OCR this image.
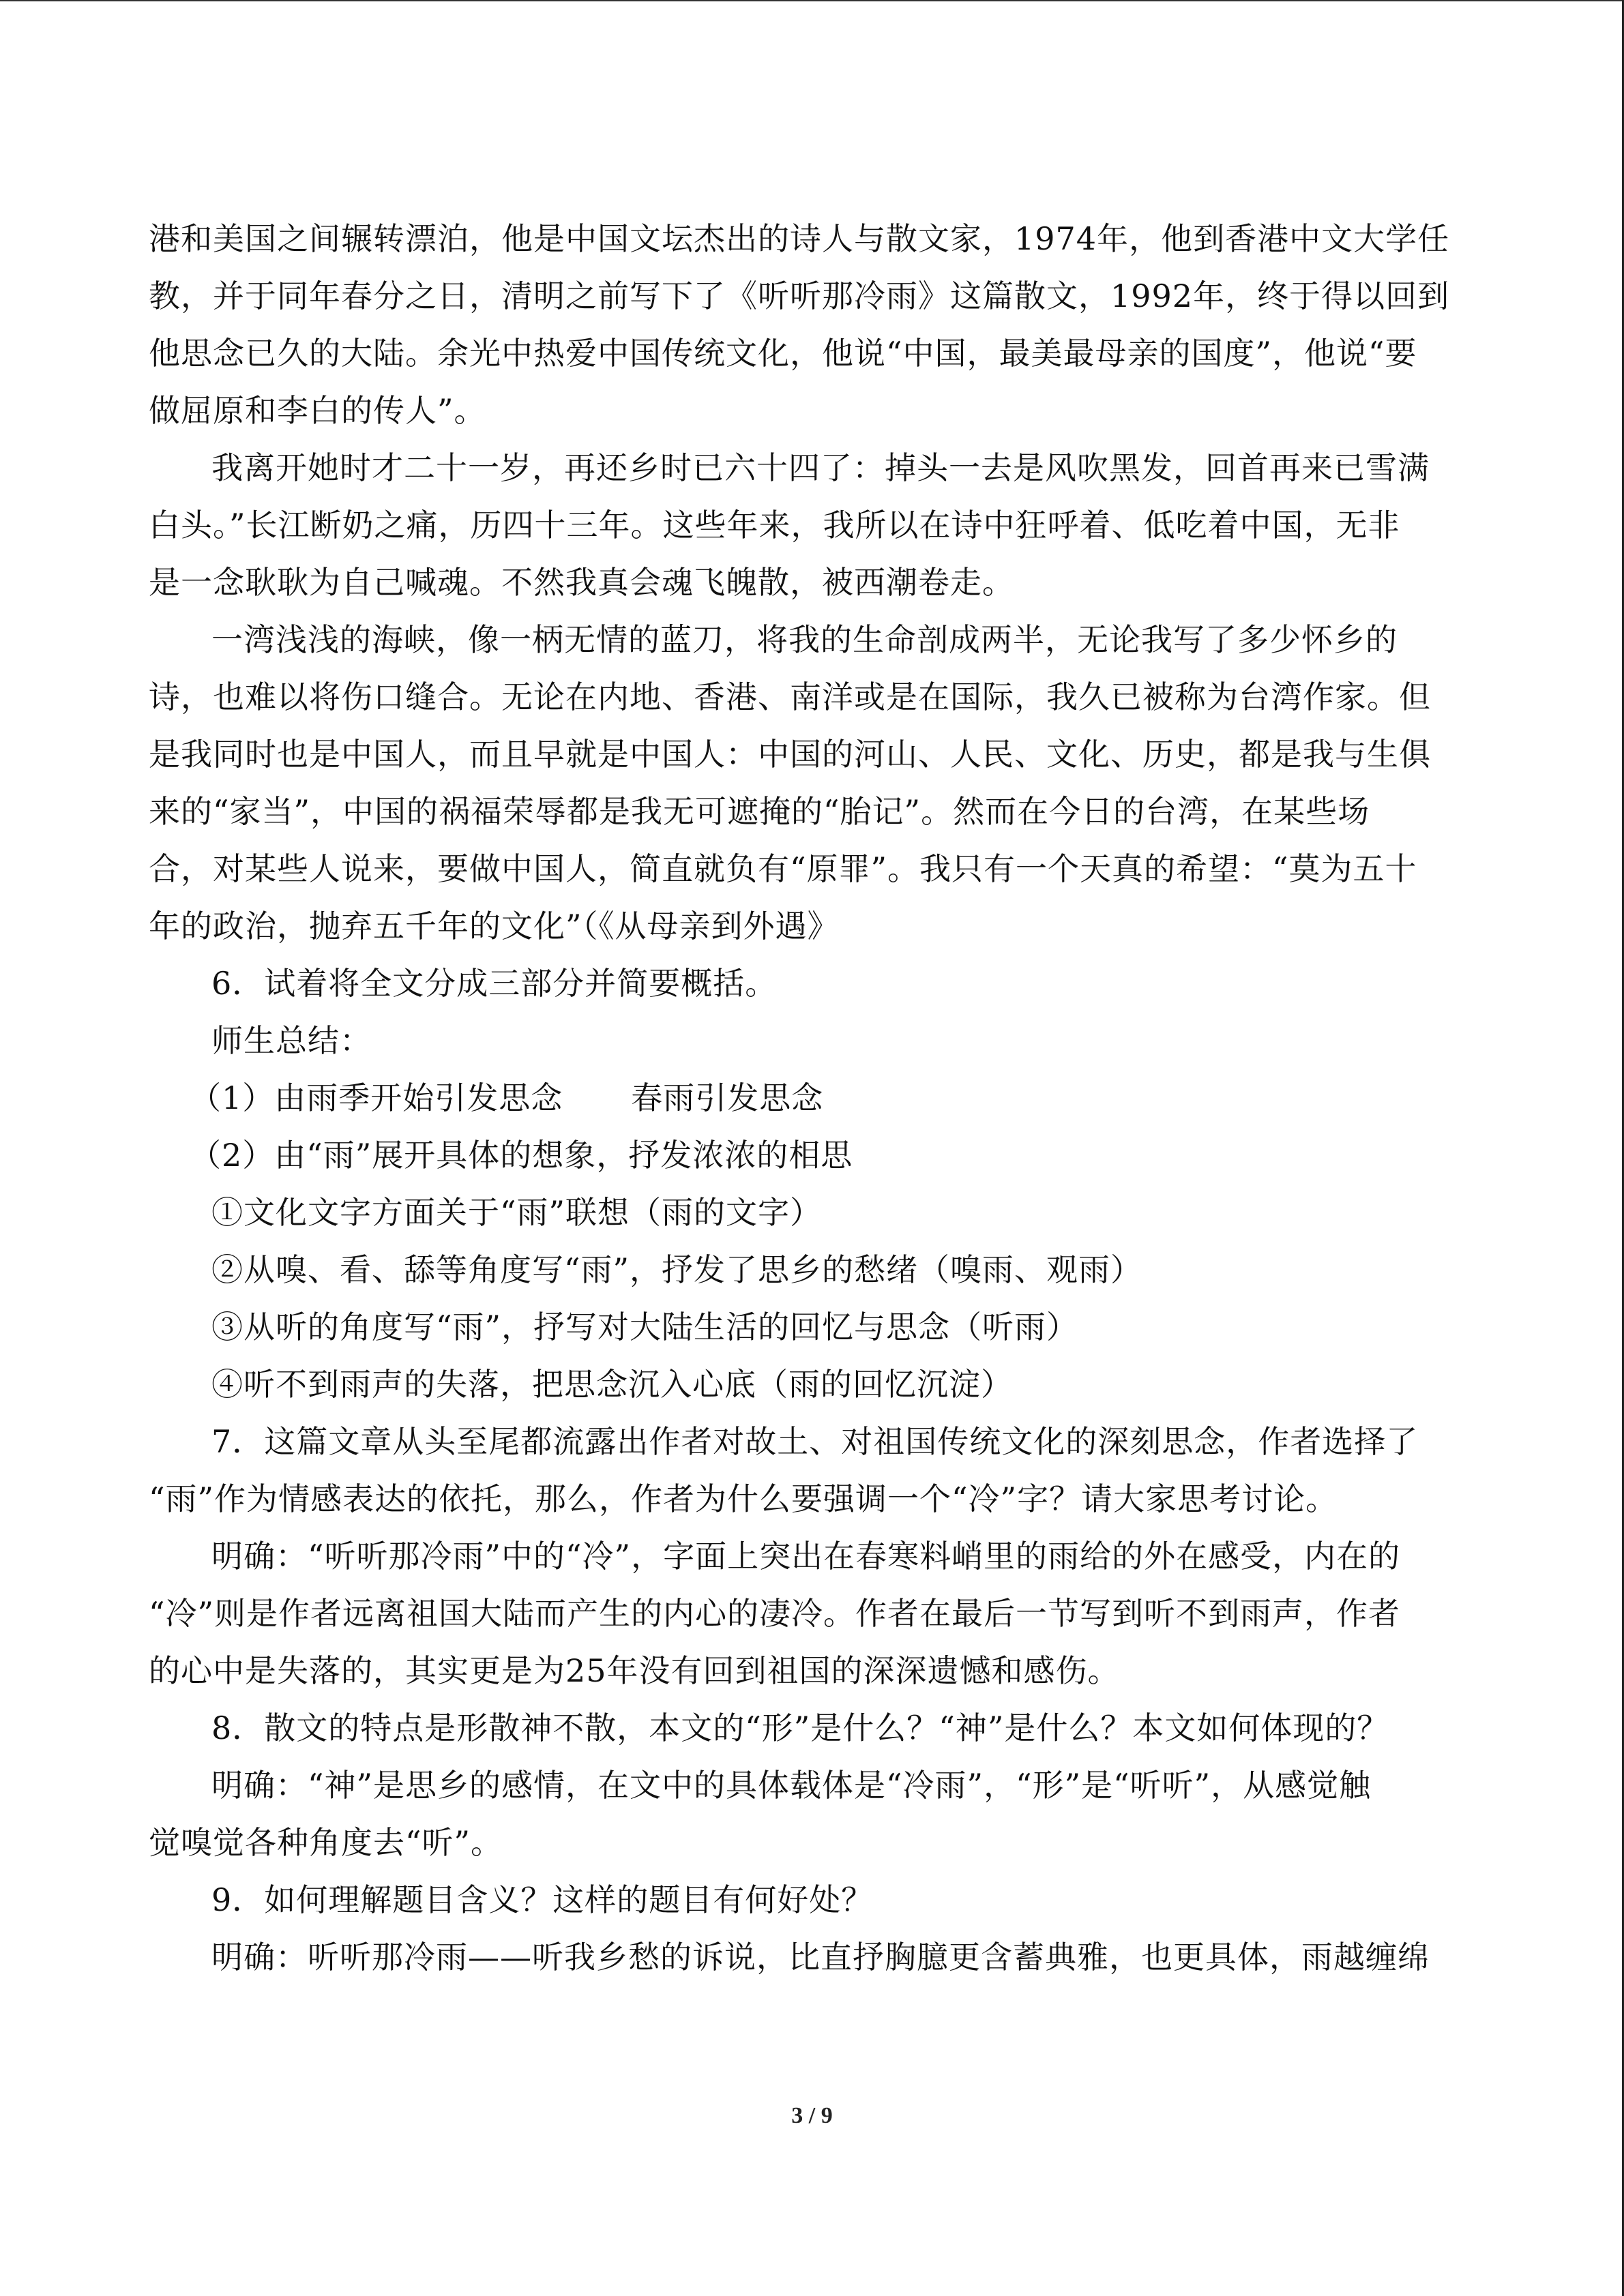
港和美国之间辗转漂泊，他是中国文坛杰出的诗人与散文家，1974年，他到香港中文大学任

教，并于同年春分之日，清明之前写下了《听听那冷雨》这篇散文，1992年，终于得以回到

他思念已久的大陆。余光中热爱中国传统文化，他说“中国，最美最母亲的国度”，他说“要

做屈原和李白的传人”。

我离开她时才二十一岁，再还乡时已六十四了：掉头一去是风吹黑发，回首再来已雪满

白头。”长江断奶之痛，历四十三年。这些年来，我所以在诗中狂呼着、低吃着中国，无非

是一念耿耿为自己喊魂。不然我真会魂飞魄散，被西潮卷走。

一湾浅浅的海峡，像一柄无情的蓝刀，将我的生命剖成两半，无论我写了多少怀乡的

诗，也难以将伤口缝合。无论在内地、香港、南洋或是在国际，我久已被称为台湾作家。但

是我同时也是中国人，而且早就是中国人：中国的河山、人民、文化、历史，都是我与生俱

来的“家当”，中国的祸福荣辱都是我无可遮掩的“胎记”。然而在今日的台湾，在某些场

合，对某些人说来，要做中国人，简直就负有“原罪”。我只有一个天真的希望：“莫为五十

年的政治，抛弃五千年的文化”（《从母亲到外遇》

6．试着将全文分成三部分并简要概括。

师生总结：

（1）由雨季开始引发思念 春雨引发思念

（2）由“雨”展开具体的想象，抒发浓浓的相思

①文化文字方面关于“雨”联想（雨的文字）

②从嗅、看、舔等角度写“雨”，抒发了思乡的愁绪（嗅雨、观雨）

③从听的角度写“雨”，抒写对大陆生活的回忆与思念（听雨）

④听不到雨声的失落，把思念沉入心底（雨的回忆沉淀）

7．这篇文章从头至尾都流露出作者对故土、对祖国传统文化的深刻思念，作者选择了

“雨”作为情感表达的依托，那么，作者为什么要强调一个“冷”字？请大家思考讨论。

明确：“听听那冷雨”中的“冷”，字面上突出在春寒料峭里的雨给的外在感受，内在的

“冷”则是作者远离祖国大陆而产生的内心的凄冷。作者在最后一节写到听不到雨声，作者

的心中是失落的，其实更是为25年没有回到祖国的深深遗憾和感伤。

8．散文的特点是形散神不散，本文的“形”是什么？“神”是什么？本文如何体现的？

明确：“神”是思乡的感情，在文中的具体载体是“冷雨”，“形”是“听听”，从感觉触

觉嗅觉各种角度去“听”。

9．如何理解题目含义？这样的题目有何好处？

明确：听听那冷雨——听我乡愁的诉说，比直抒胸臆更含蓄典雅，也更具体，雨越缠绵

3 / 9
